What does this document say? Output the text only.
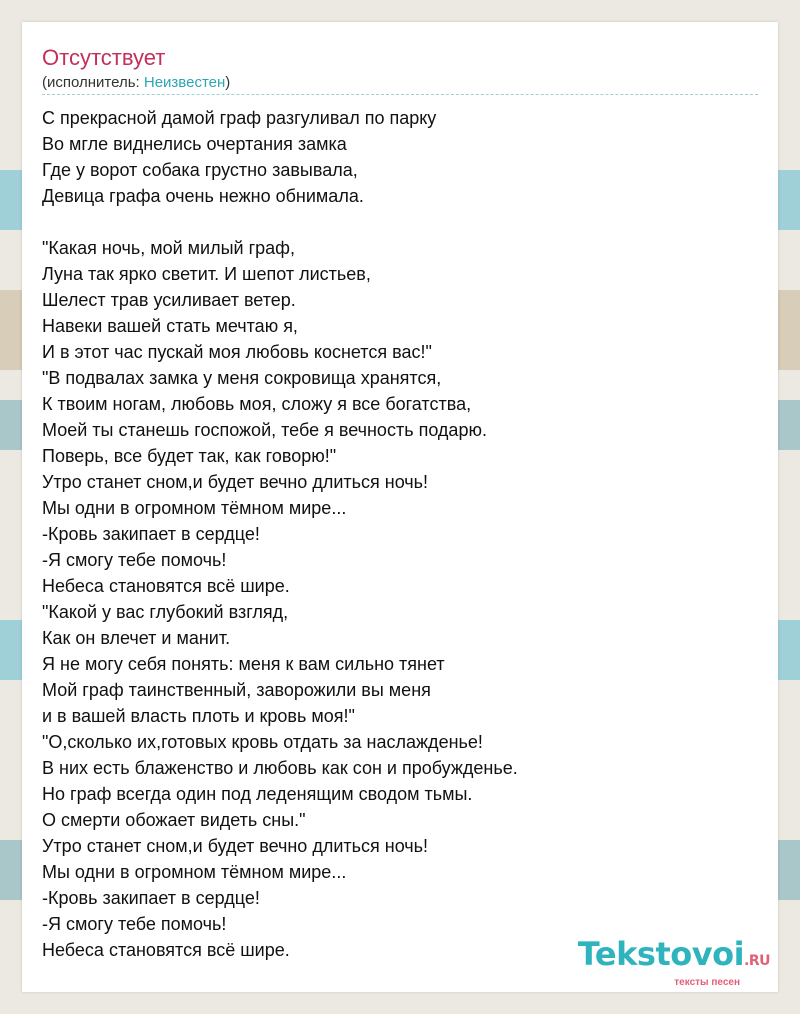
Отсутствует
(исполнитель: Неизвестен)
С прекрасной дамой граф разгуливал по парку
Во мгле виднелись очертания замка
Где у ворот собака грустно завывала,
Девица графа очень нежно обнимала.
"Какая ночь, мой милый граф,
Луна так ярко светит. И шепот листьев,
Шелест трав усиливает ветер.
Навеки вашей стать мечтаю я,
И в этот час пускай моя любовь коснется вас!"
"В подвалах замка у меня сокровища хранятся,
К твоим ногам, любовь моя, сложу я все богатства,
Моей ты станешь госпожой, тебе я вечность подарю.
Поверь, все будет так, как говорю!"
Утро станет сном,и будет вечно длиться ночь!
Мы одни в огромном тёмном мире...
-Кровь закипает в сердце!
-Я смогу тебе помочь!
Небеса становятся всё шире.
"Какой у вас глубокий взгляд,
Как он влечет и манит.
Я не могу себя понять: меня к вам сильно тянет
Мой граф таинственный, заворожили вы меня
и в вашей власть плоть и кровь моя!"
"О,сколько их,готовых кровь отдать за наслажденье!
В них есть блаженство и любовь как сон и пробужденье.
Но граф всегда один под леденящим сводом тьмы.
О смерти обожает видеть сны."
Утро станет сном,и будет вечно длиться ночь!
Мы одни в огромном тёмном мире...
-Кровь закипает в сердце!
-Я смогу тебе помочь!
Небеса становятся всё шире.	Tekstovoi.RU
тексты песен
